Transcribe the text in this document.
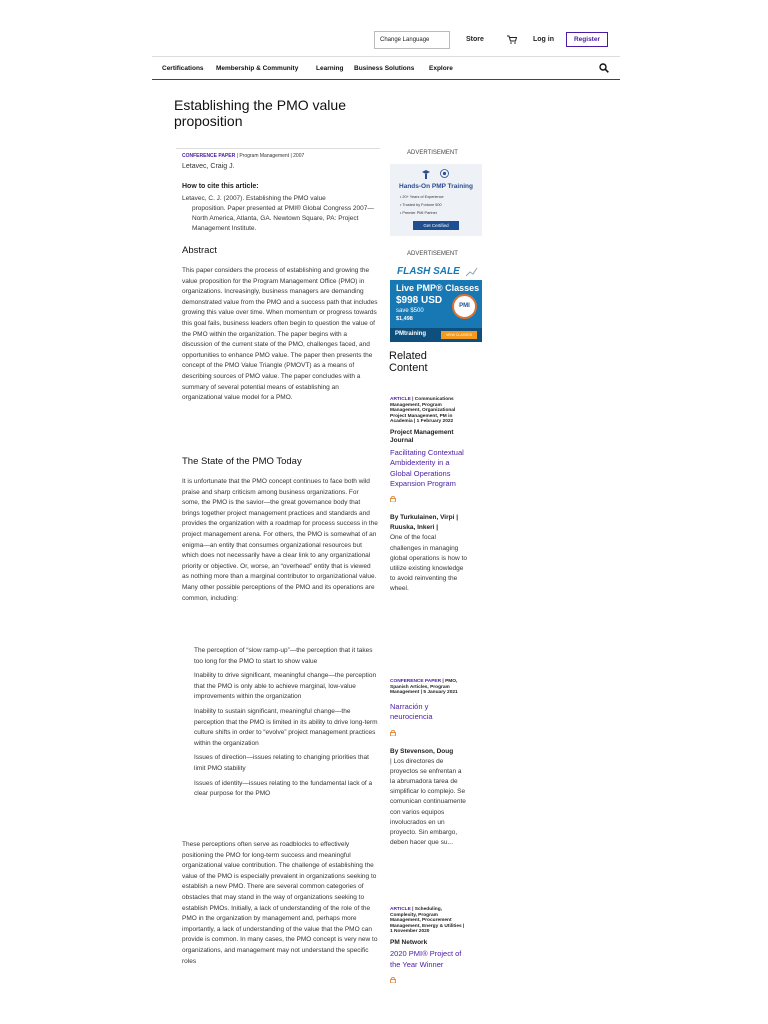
Change Language	Store	Log in	Register
Certifications Membership & Community	Learning Business Solutions Explore
Establishing the PMO value proposition
CONFERENCE PAPER | Program Management | 2007
Letavec, Craig J.
How to cite this article:
Letavec, C. J. (2007). Establishing the PMO value
proposition. Paper presented at PMI® Global Congress 2007—North America, Atlanta, GA. Newtown Square, PA: Project Management Institute.
Abstract
This paper considers the process of establishing and growing the value proposition for the Program Management Office (PMO) in organizations. Increasingly, business managers are demanding demonstrated value from the PMO and a success path that includes growing this value over time. When momentum or progress towards this goal fails, business leaders often begin to question the value of the PMO within the organization. The paper begins with a discussion of the current state of the PMO, challenges faced, and opportunities to enhance PMO value. The paper then presents the concept of the PMO Value Triangle (PMOVT) as a means of describing sources of PMO value. The paper concludes with a summary of several potential means of establishing an organizational value model for a PMO.
The State of the PMO Today
It is unfortunate that the PMO concept continues to face both wild praise and sharp criticism among business organizations. For some, the PMO is the savior—the great governance body that brings together project management practices and standards and provides the organization with a roadmap for process success in the project management arena. For others, the PMO is somewhat of an enigma—an entity that consumes organizational resources but which does not necessarily have a clear link to any organizational priority or objective. Or, worse, an “overhead” entity that is viewed as nothing more than a marginal contributor to organizational value. Many other possible perceptions of the PMO and its operations are common, including:
The perception of “slow ramp-up”—the perception that it takes too long for the PMO to start to show value
Inability to drive significant, meaningful change—the perception that the PMO is only able to achieve marginal, low-value improvements within the organization
Inability to sustain significant, meaningful change—the perception that the PMO is limited in its ability to drive long-term culture shifts in order to “evolve” project management practices within the organization
Issues of direction—issues relating to changing priorities that limit PMO stability
Issues of identity—issues relating to the fundamental lack of a clear purpose for the PMO
These perceptions often serve as roadblocks to effectively positioning the PMO for long-term success and meaningful organizational value contribution. The challenge of establishing the value of the PMO is especially prevalent in organizations seeking to establish a new PMO. There are several common categories of obstacles that may stand in the way of organizations seeking to establish PMOs. Initially, a lack of understanding of the role of the PMO in the organization by management and, perhaps more importantly, a lack of understanding of the value that the PMO can provide is common. In many cases, the PMO concept is very new to organizations, and management may not understand the specific roles
ADVERTISEMENT
Hands-On PMP Training
• 20+ Years of Experience
• Trusted by Fortune 500
• Premier PMI Partner
Get Certified
ADVERTISEMENT
FLASH SALE
Live PMP® Classes
$998 USD
save $500
$1,498
PMI
PMtraining	VIEW CLASSES
Related Content
ARTICLE | Communications Management, Program Management, Organizational Project Management, PM in Academia | 1 February 2022
Project Management Journal
Facilitating Contextual Ambidexterity in a Global Operations Expansion Program
By Turkulainen, Virpi | Ruuska, Inkeri |
One of the focal challenges in managing global operations is how to utilize existing knowledge to avoid reinventing the wheel.
CONFERENCE PAPER | PMO, Spanish Articles, Program Management | 5 January 2021
Narración y neurociencia
By Stevenson, Doug
| Los directores de proyectos se enfrentan a la abrumadora tarea de simplificar lo complejo. Se comunican continuamente con varios equipos involucrados en un proyecto. Sin embargo, deben hacer que su...
ARTICLE | Scheduling, Complexity, Program Management, Procurement Management, Energy & Utilities | 1 November 2020
PM Network
2020 PMI® Project of the Year Winner
